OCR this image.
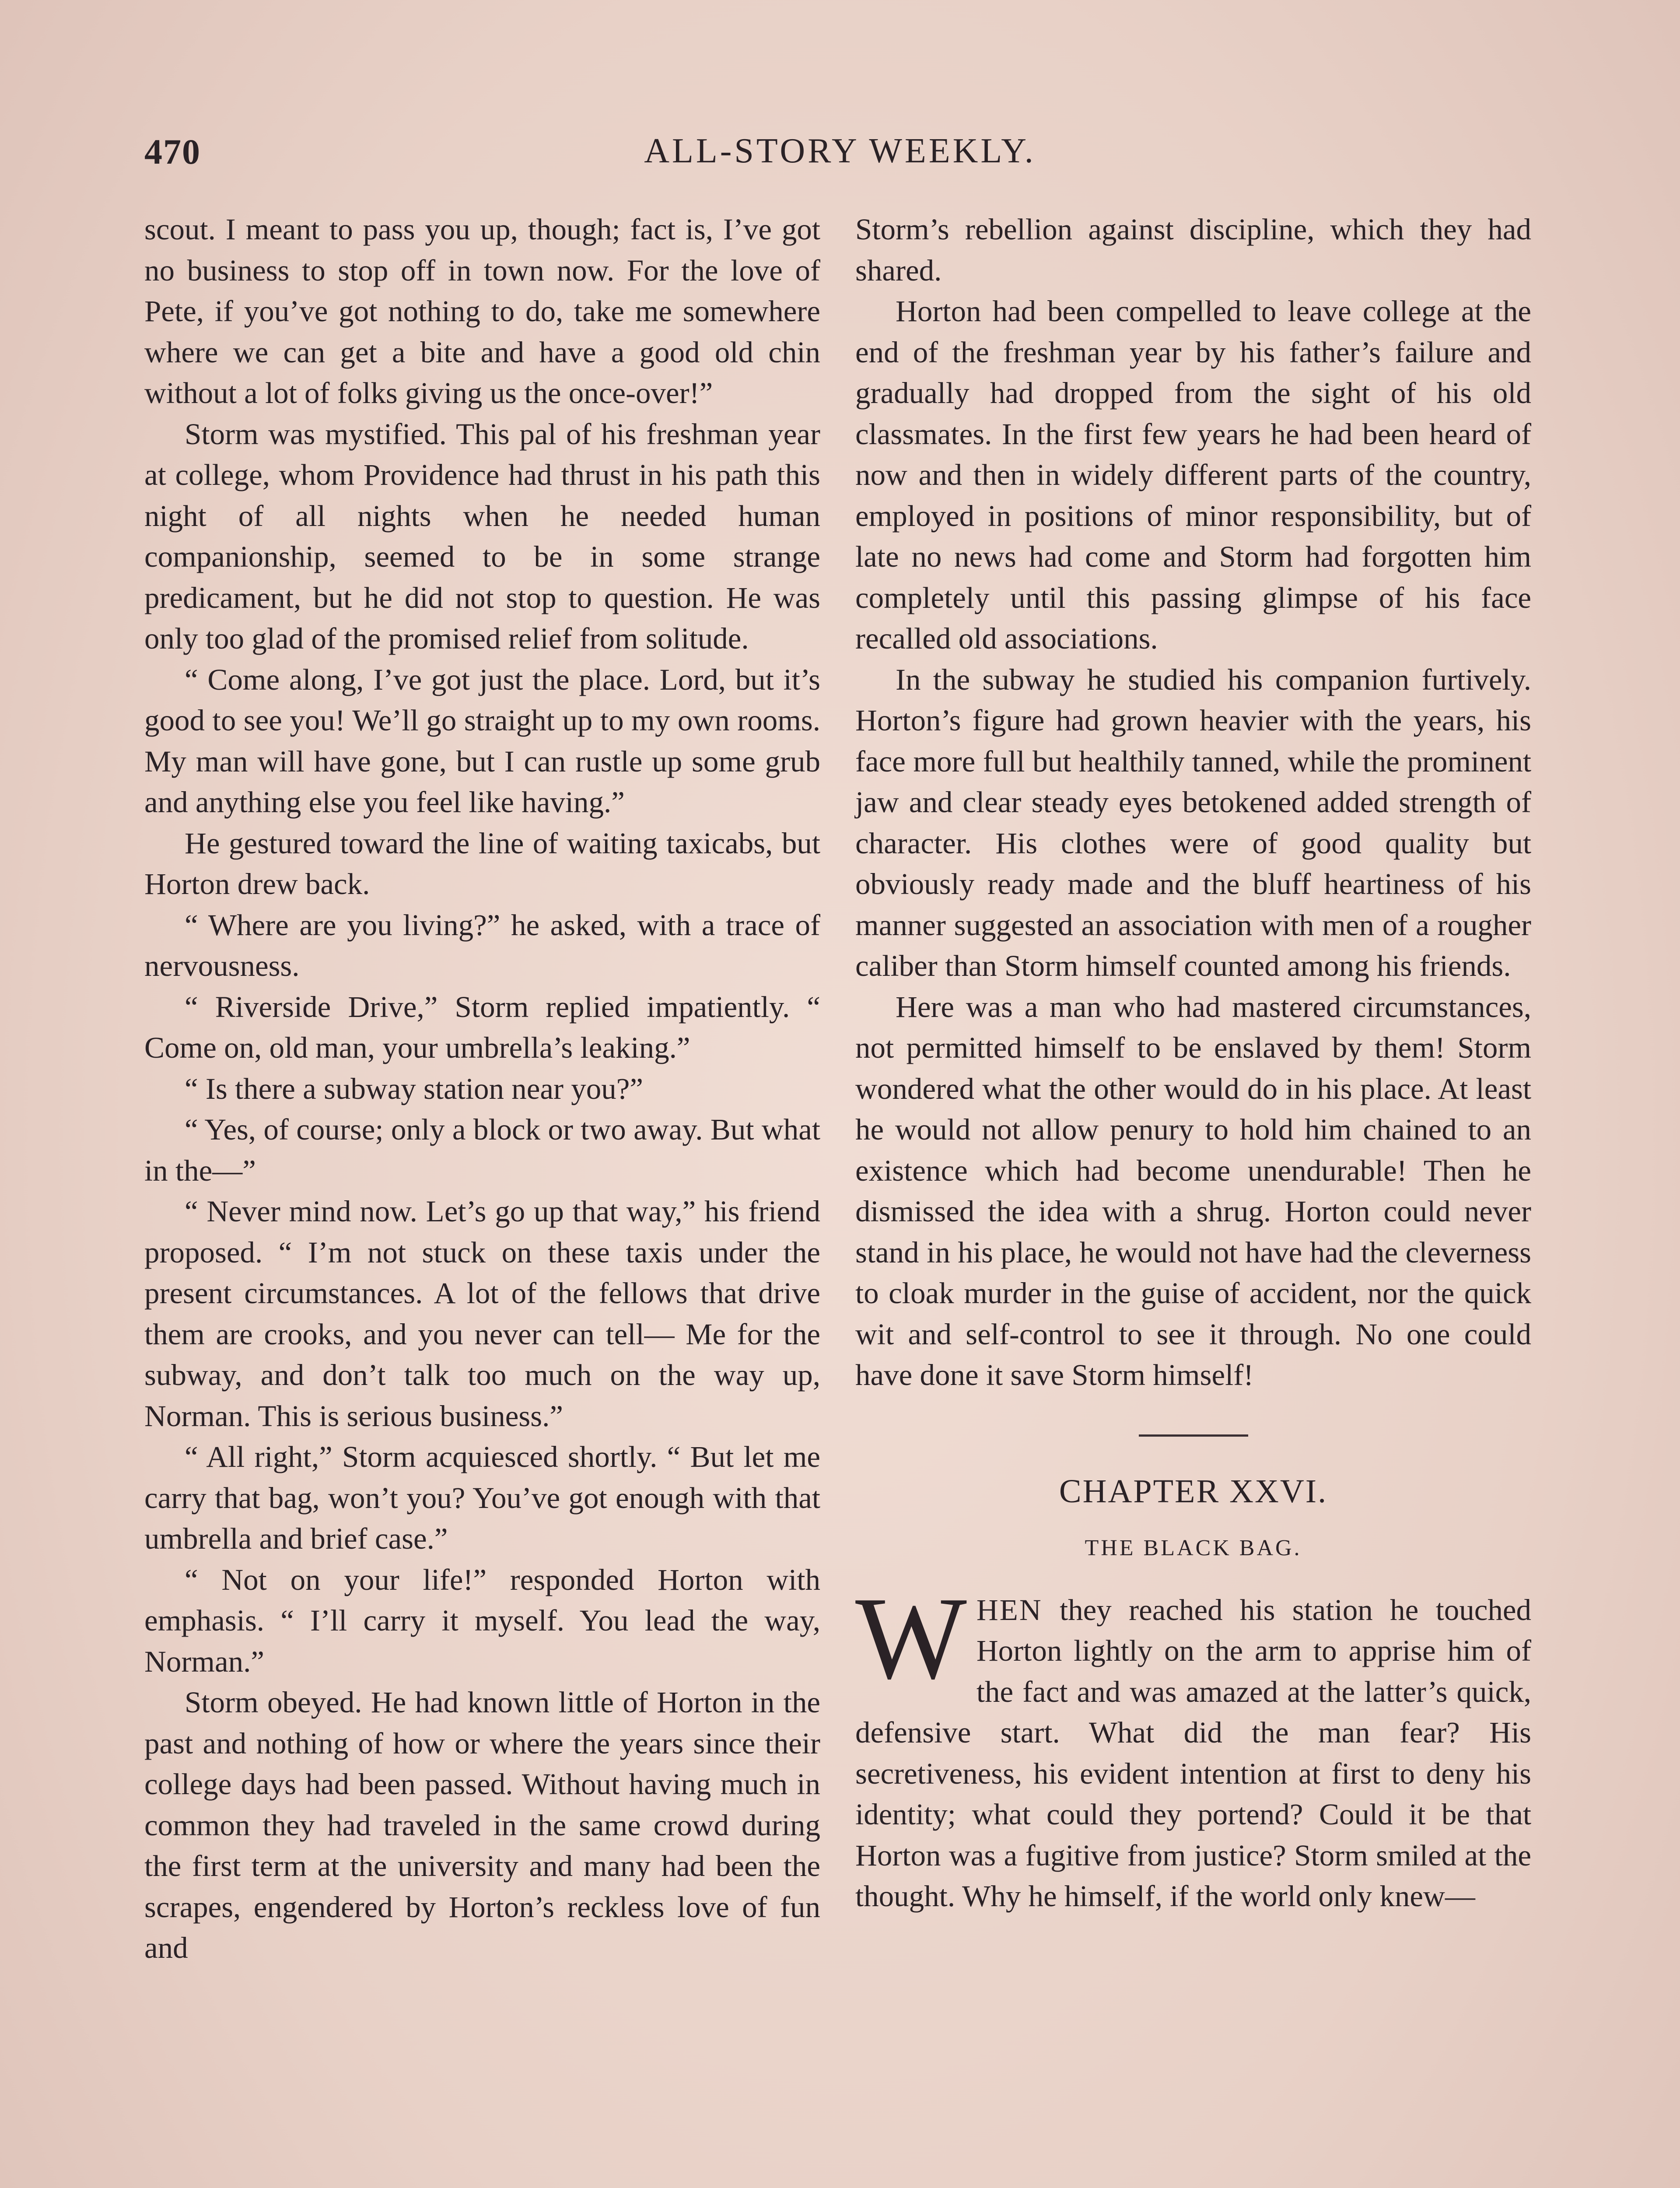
470	ALL-STORY WEEKLY.

scout. I meant to pass you up, though; fact is, I’ve got no business to stop off in town now. For the love of Pete, if you’ve got nothing to do, take me somewhere where we can get a bite and have a good old chin without a lot of folks giving us the once-over!”

Storm was mystified. This pal of his freshman year at college, whom Providence had thrust in his path this night of all nights when he needed human companionship, seemed to be in some strange predicament, but he did not stop to question. He was only too glad of the promised relief from solitude.

“ Come along, I’ve got just the place. Lord, but it’s good to see you! We’ll go straight up to my own rooms. My man will have gone, but I can rustle up some grub and anything else you feel like having.”

He gestured toward the line of waiting taxicabs, but Horton drew back.

“ Where are you living?” he asked, with a trace of nervousness.

“ Riverside Drive,” Storm replied impatiently. “ Come on, old man, your umbrella’s leaking.”

“ Is there a subway station near you?”

“ Yes, of course; only a block or two away. But what in the—”

“ Never mind now. Let’s go up that way,” his friend proposed. “ I’m not stuck on these taxis under the present circumstances. A lot of the fellows that drive them are crooks, and you never can tell— Me for the subway, and don’t talk too much on the way up, Norman. This is serious business.”

“ All right,” Storm acquiesced shortly. “ But let me carry that bag, won’t you? You’ve got enough with that umbrella and brief case.”

“ Not on your life!” responded Horton with emphasis. “ I’ll carry it myself. You lead the way, Norman.”

Storm obeyed. He had known little of Horton in the past and nothing of how or where the years since their college days had been passed. Without having much in common they had traveled in the same crowd during the first term at the university and many had been the scrapes, engendered by Horton’s reckless love of fun and

Storm’s rebellion against discipline, which they had shared.

Horton had been compelled to leave college at the end of the freshman year by his father’s failure and gradually had dropped from the sight of his old classmates. In the first few years he had been heard of now and then in widely different parts of the country, employed in positions of minor responsibility, but of late no news had come and Storm had forgotten him completely until this passing glimpse of his face recalled old associations.

In the subway he studied his companion furtively. Horton’s figure had grown heavier with the years, his face more full but healthily tanned, while the prominent jaw and clear steady eyes betokened added strength of character. His clothes were of good quality but obviously ready made and the bluff heartiness of his manner suggested an association with men of a rougher caliber than Storm himself counted among his friends.

Here was a man who had mastered circumstances, not permitted himself to be enslaved by them! Storm wondered what the other would do in his place. At least he would not allow penury to hold him chained to an existence which had become unendurable! Then he dismissed the idea with a shrug. Horton could never stand in his place, he would not have had the cleverness to cloak murder in the guise of accident, nor the quick wit and self-control to see it through. No one could have done it save Storm himself!

CHAPTER XXVI.
THE BLACK BAG.

WHEN they reached his station he touched Horton lightly on the arm to apprise him of the fact and was amazed at the latter’s quick, defensive start. What did the man fear? His secretiveness, his evident intention at first to deny his identity; what could they portend? Could it be that Horton was a fugitive from justice? Storm smiled at the thought. Why he himself, if the world only knew—
